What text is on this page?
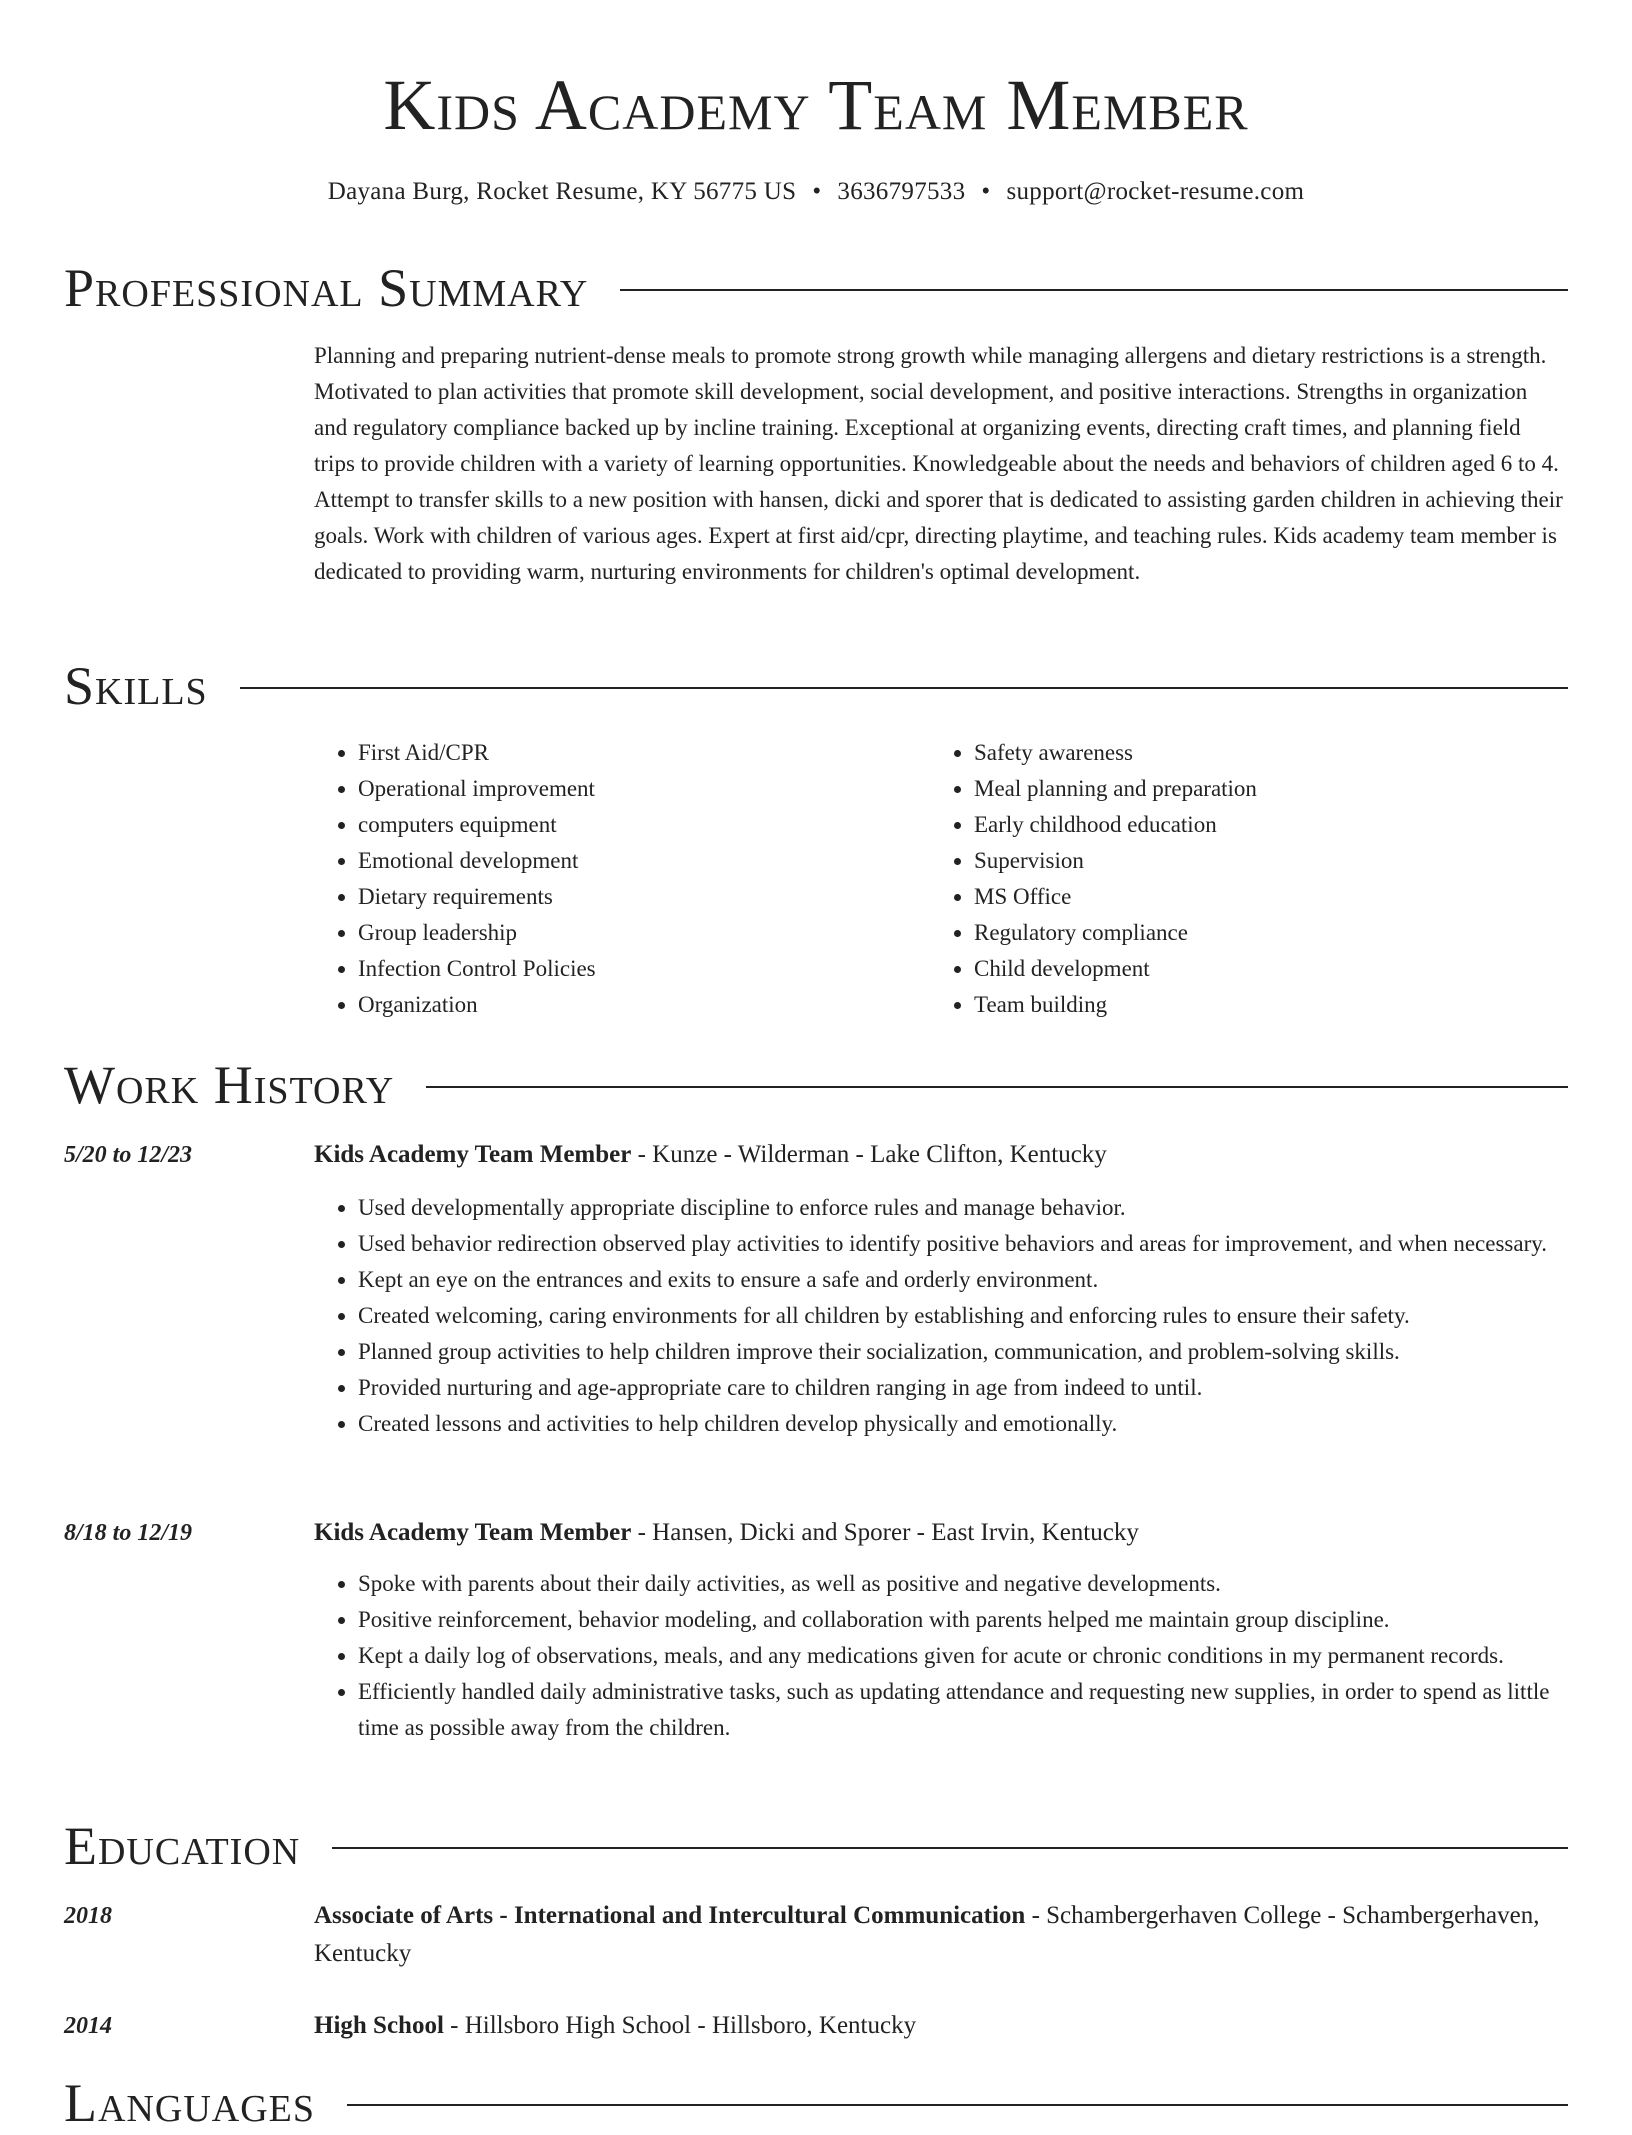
Kids Academy Team Member
Dayana Burg, Rocket Resume, KY 56775 US • 3636797533 • support@rocket-resume.com
Professional Summary

Planning and preparing nutrient-dense meals to promote strong growth while managing allergens and dietary restrictions is a strength. Motivated to plan activities that promote skill development, social development, and positive interactions. Strengths in organization and regulatory compliance backed up by incline training. Exceptional at organizing events, directing craft times, and planning field trips to provide children with a variety of learning opportunities. Knowledgeable about the needs and behaviors of children aged 6 to 4. Attempt to transfer skills to a new position with hansen, dicki and sporer that is dedicated to assisting garden children in achieving their goals. Work with children of various ages. Expert at first aid/cpr, directing playtime, and teaching rules. Kids academy team member is dedicated to providing warm, nurturing environments for children's optimal development.

Skills
• First Aid/CPR
• Operational improvement
• computers equipment
• Emotional development
• Dietary requirements
• Group leadership
• Infection Control Policies
• Organization
• Safety awareness
• Meal planning and preparation
• Early childhood education
• Supervision
• MS Office
• Regulatory compliance
• Child development
• Team building
Work History
5/20 to 12/23	Kids Academy Team Member - Kunze - Wilderman - Lake Clifton, Kentucky
• Used developmentally appropriate discipline to enforce rules and manage behavior.
• Used behavior redirection observed play activities to identify positive behaviors and areas for improvement, and when necessary.
• Kept an eye on the entrances and exits to ensure a safe and orderly environment.
• Created welcoming, caring environments for all children by establishing and enforcing rules to ensure their safety.
• Planned group activities to help children improve their socialization, communication, and problem-solving skills.
• Provided nurturing and age-appropriate care to children ranging in age from indeed to until.
• Created lessons and activities to help children develop physically and emotionally.
8/18 to 12/19	Kids Academy Team Member - Hansen, Dicki and Sporer - East Irvin, Kentucky
• Spoke with parents about their daily activities, as well as positive and negative developments.
• Positive reinforcement, behavior modeling, and collaboration with parents helped me maintain group discipline.
• Kept a daily log of observations, meals, and any medications given for acute or chronic conditions in my permanent records.
• Efficiently handled daily administrative tasks, such as updating attendance and requesting new supplies, in order to spend as little time as possible away from the children.
Education
2018	Associate of Arts - International and Intercultural Communication - Schambergerhaven College - Schambergerhaven, Kentucky
2014	High School - Hillsboro High School - Hillsboro, Kentucky
Languages
